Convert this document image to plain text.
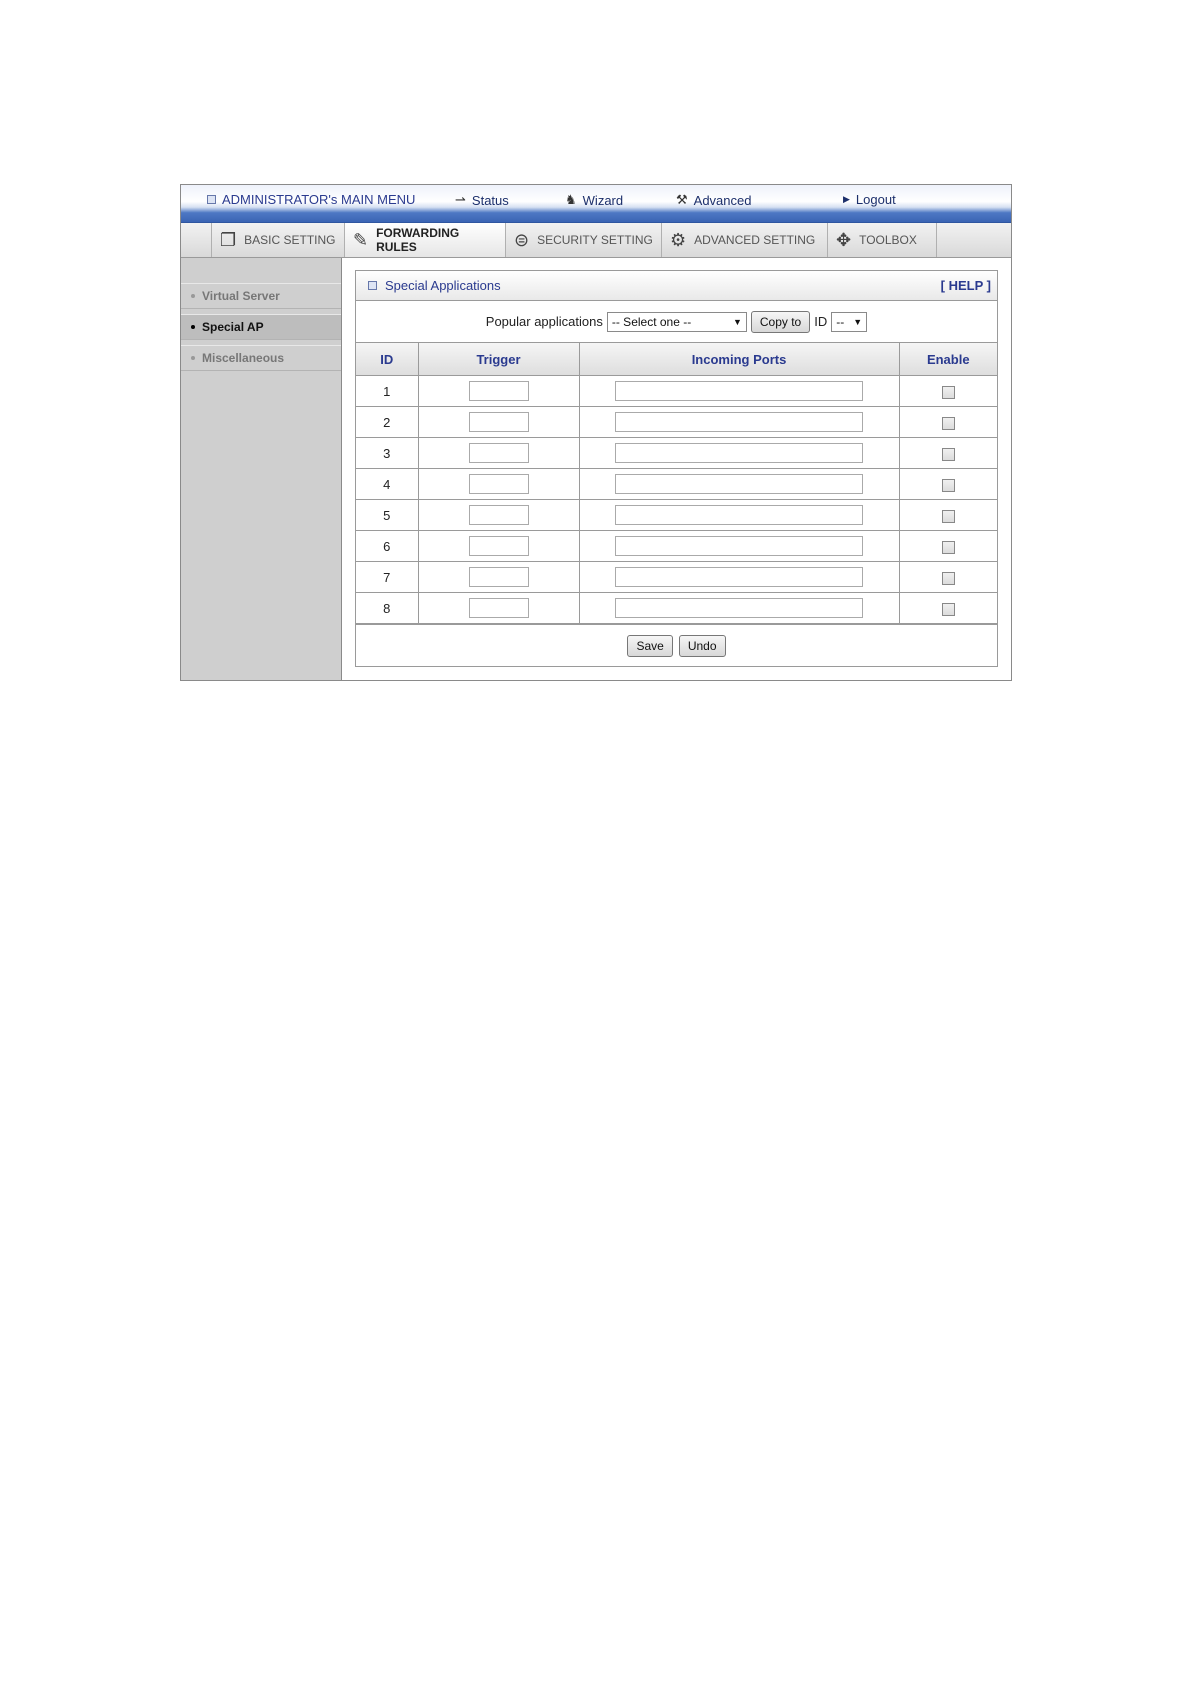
ADMINISTRATOR's MAIN MENU	⇀ Status	♞ Wizard	⚒ Advanced	▶ Logout
❐ BASIC SETTING ✎ FORWARDING RULES	⊜ SECURITY SETTING ⚙ ADVANCED SETTING ✥ TOOLBOX
Virtual Server
Special AP
Miscellaneous
Special Applications	[ HELP ]
Popular applications -- Select one --	▼	Copy to	ID -- ▼
ID	Trigger	Incoming Ports	Enable
1			
2			
3			
4			
5			
6			
7			
8			
Save	Undo
